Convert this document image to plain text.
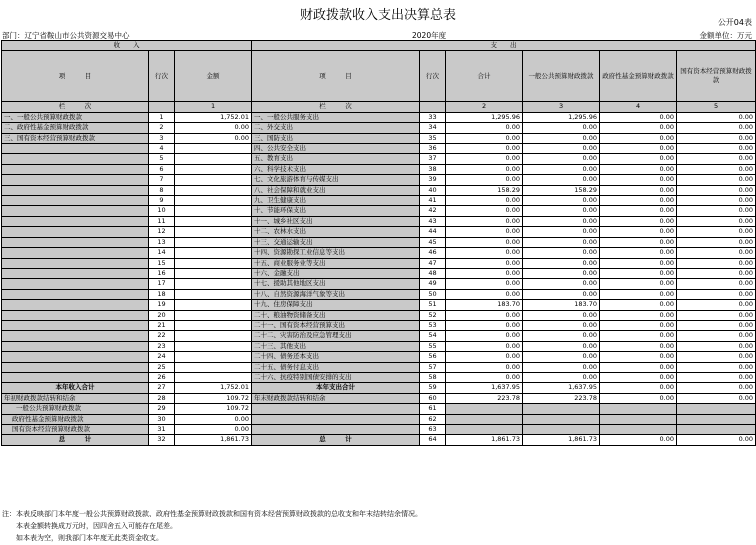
财政拨款收入支出决算总表	公开04表
部门：辽宁省鞍山市公共资源交易中心	2020年度	金额单位：万元
收　　入			支　　出					
项　　　目	行次	金额	项　　　目	行次	合计	一般公共预算财政拨款	政府性基金预算财政拨款	国有资本经营预算财政拨款
栏　　　次		1	栏　　　次		2	3	4	5
一、一般公共预算财政拨款	1	1,752.01	一、一般公共服务支出	33	1,295.96	1,295.96	0.00	0.00
二、政府性基金预算财政拨款	2	0.00	二、外交支出	34	0.00	0.00	0.00	0.00
三、国有资本经营预算财政拨款	3	0.00	三、国防支出	35	0.00	0.00	0.00	0.00
	4		四、公共安全支出	36	0.00	0.00	0.00	0.00
	5		五、教育支出	37	0.00	0.00	0.00	0.00
	6		六、科学技术支出	38	0.00	0.00	0.00	0.00
	7		七、文化旅游体育与传媒支出	39	0.00	0.00	0.00	0.00
	8		八、社会保障和就业支出	40	158.29	158.29	0.00	0.00
	9		九、卫生健康支出	41	0.00	0.00	0.00	0.00
	10		十、节能环保支出	42	0.00	0.00	0.00	0.00
	11		十一、城乡社区支出	43	0.00	0.00	0.00	0.00
	12		十二、农林水支出	44	0.00	0.00	0.00	0.00
	13		十三、交通运输支出	45	0.00	0.00	0.00	0.00
	14		十四、资源勘探工业信息等支出	46	0.00	0.00	0.00	0.00
	15		十五、商业服务业等支出	47	0.00	0.00	0.00	0.00
	16		十六、金融支出	48	0.00	0.00	0.00	0.00
	17		十七、援助其他地区支出	49	0.00	0.00	0.00	0.00
	18		十八、自然资源海洋气象等支出	50	0.00	0.00	0.00	0.00
	19		十九、住房保障支出	51	183.70	183.70	0.00	0.00
	20		二十、粮油物资储备支出	52	0.00	0.00	0.00	0.00
	21		二十一、国有资本经营预算支出	53	0.00	0.00	0.00	0.00
	22		二十二、灾害防治及应急管理支出	54	0.00	0.00	0.00	0.00
	23		二十三、其他支出	55	0.00	0.00	0.00	0.00
	24		二十四、债务还本支出	56	0.00	0.00	0.00	0.00
	25		二十五、债务付息支出	57	0.00	0.00	0.00	0.00
	26		二十六、抗疫特别国债安排的支出	58	0.00	0.00	0.00	0.00
本年收入合计	27	1,752.01	本年支出合计	59	1,637.95	1,637.95	0.00	0.00
年初财政拨款结转和结余	28	109.72	年末财政拨款结转和结余	60	223.78	223.78	0.00	0.00
一般公共预算财政拨款	29	109.72		61				
政府性基金预算财政拨款	30	0.00		62				
国有资本经营预算财政拨款	31	0.00		63				
总　　　计	32	1,861.73	总　　　计	64	1,861.73	1,861.73	0.00	0.00
注：本表反映部门本年度一般公共预算财政拨款、政府性基金预算财政拨款和国有资本经营预算财政拨款的总收支和年末结转结余情况。
　　本表金额转换成万元时，因四舍五入可能存在尾差。
　　如本表为空，则我部门本年度无此类资金收支。
